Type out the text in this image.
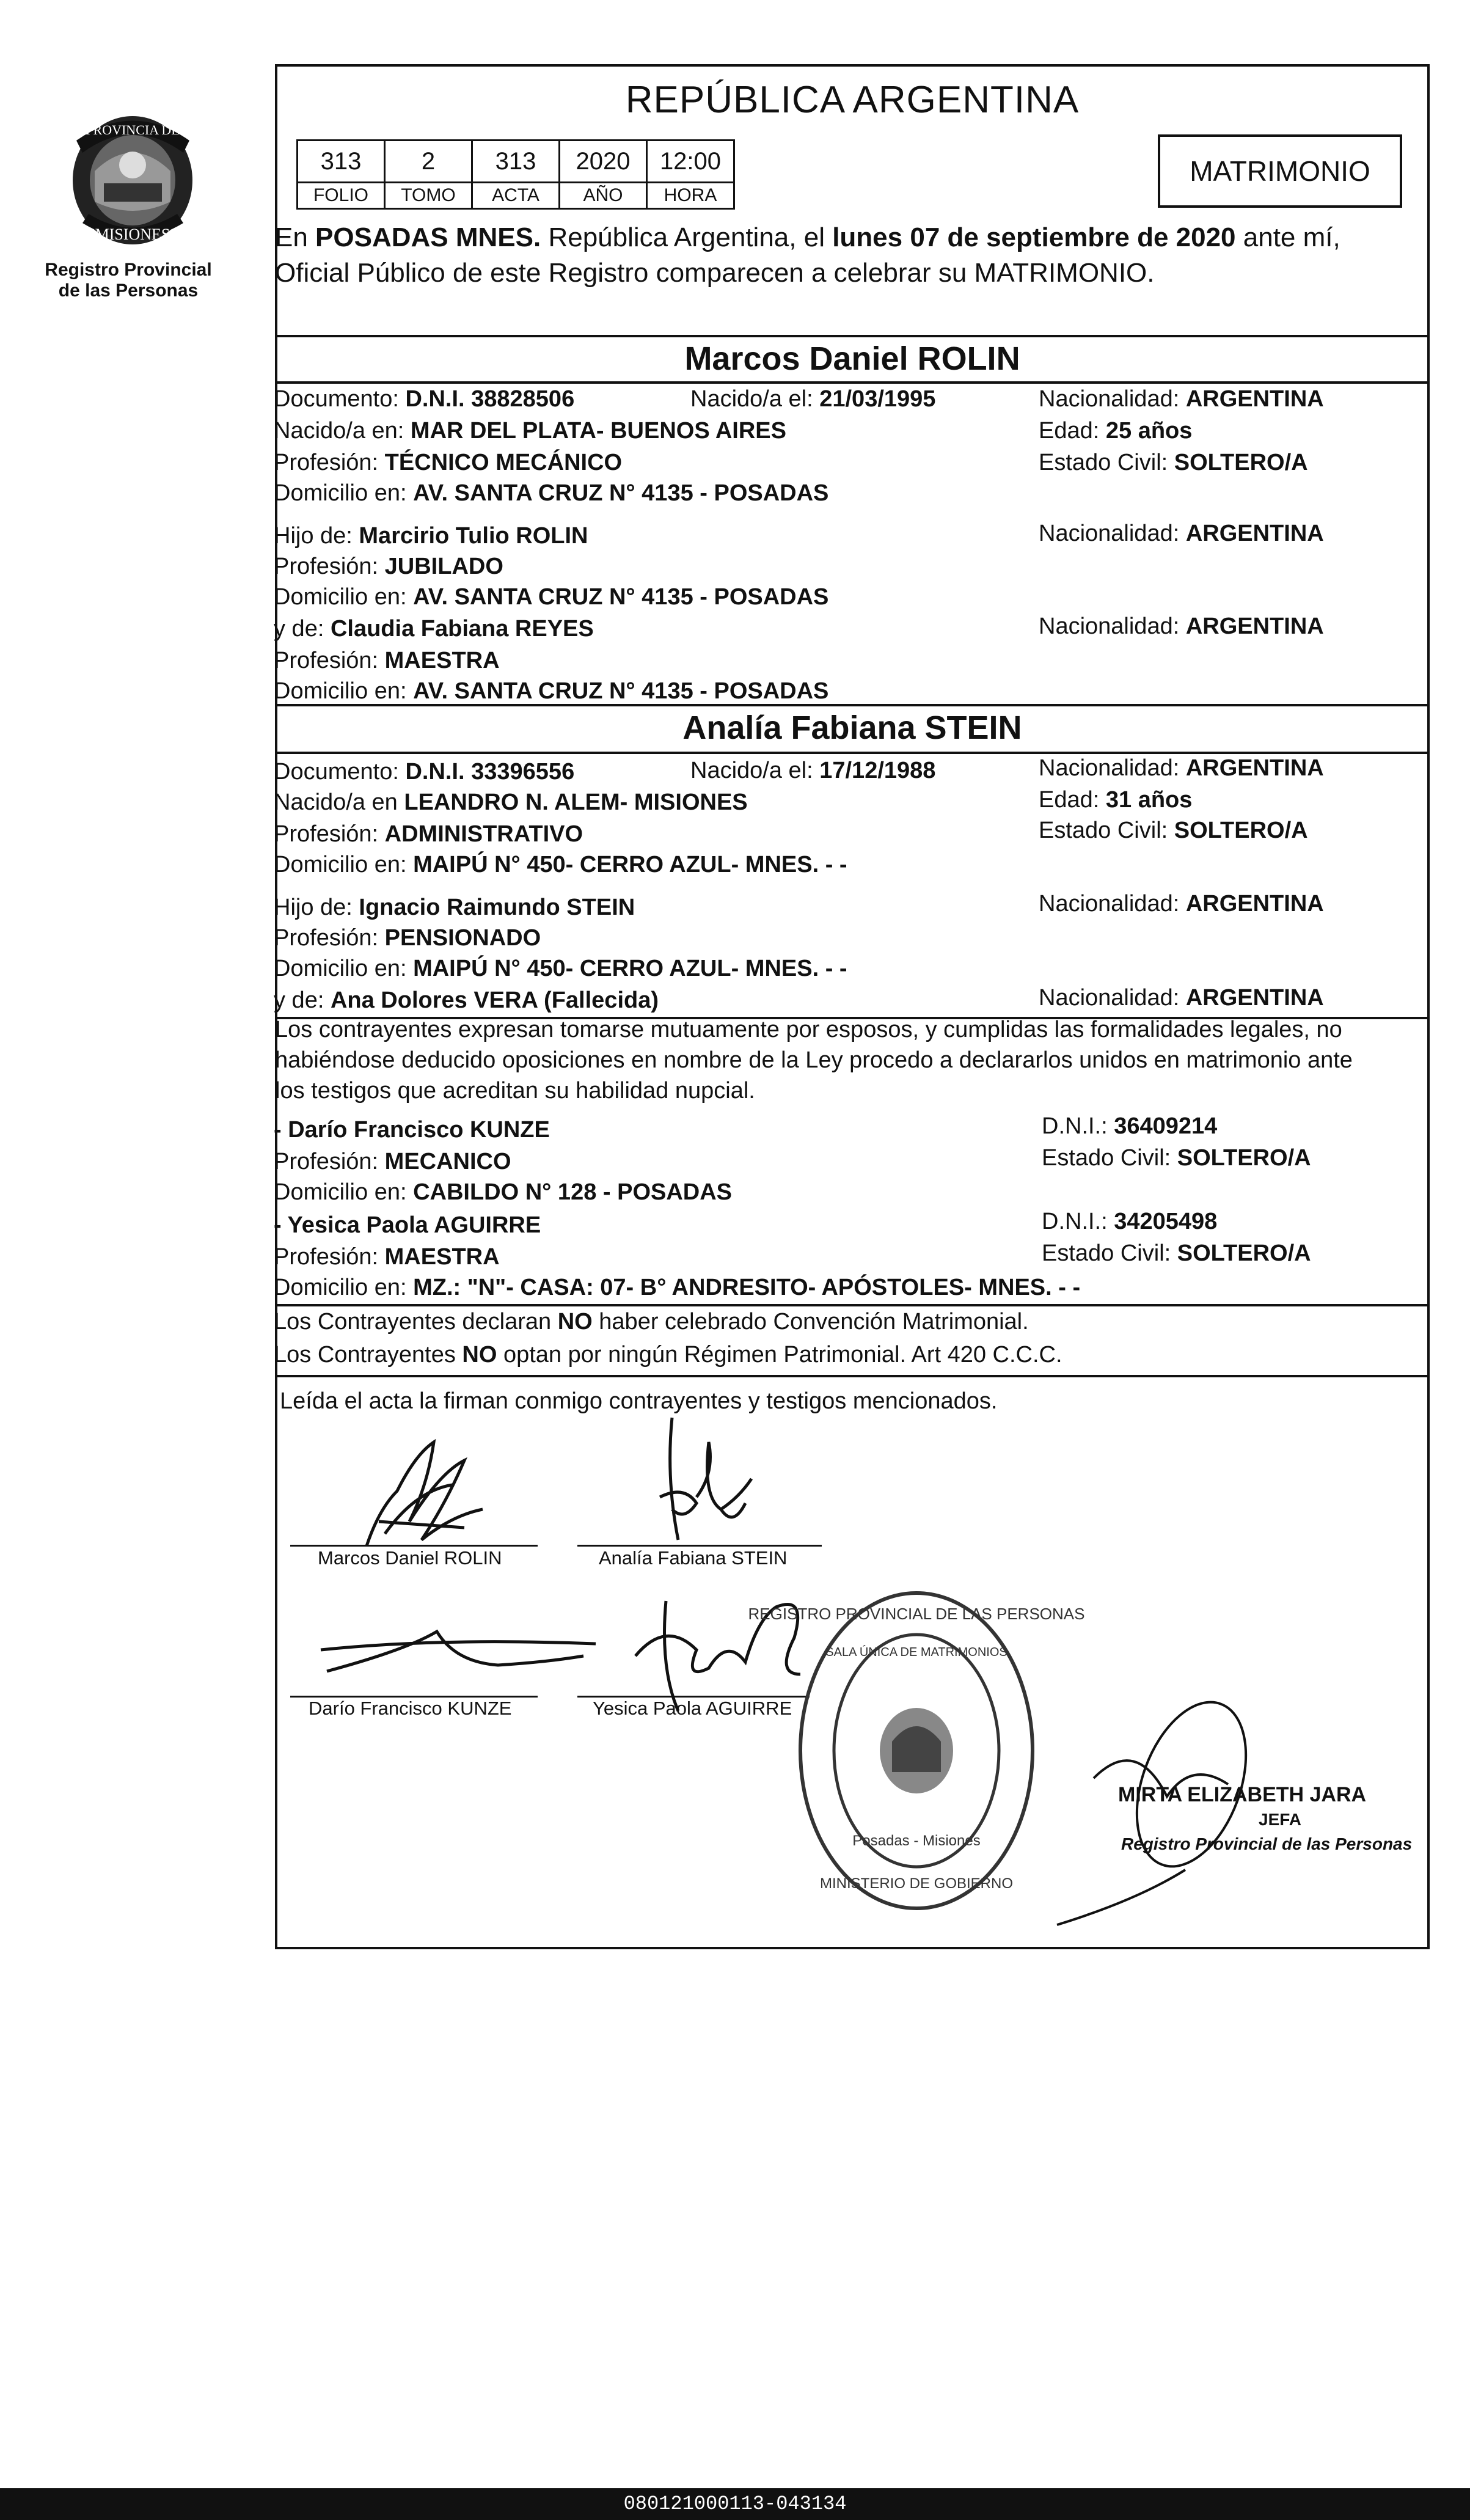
PROVINCIA DE
MISIONES
Registro Provincial
de las Personas
REPÚBLICA ARGENTINA
313	2	313	2020	12:00
FOLIO	TOMO	ACTA	AÑO	HORA
MATRIMONIO
En POSADAS MNES. República Argentina, el lunes 07 de septiembre de 2020 ante mí,
Oficial Público de este Registro comparecen a celebrar su MATRIMONIO.
Marcos Daniel ROLIN
Documento: D.N.I. 38828506	Nacido/a el: 21/03/1995	Nacionalidad: ARGENTINA
Nacido/a en: MAR DEL PLATA- BUENOS AIRES	Edad: 25 años
Profesión: TÉCNICO MECÁNICO	Estado Civil: SOLTERO/A
Domicilio en: AV. SANTA CRUZ N° 4135 - POSADAS
Hijo de: Marcirio Tulio ROLIN	Nacionalidad: ARGENTINA
Profesión: JUBILADO
Domicilio en: AV. SANTA CRUZ N° 4135 - POSADAS
y de: Claudia Fabiana REYES	Nacionalidad: ARGENTINA
Profesión: MAESTRA
Domicilio en: AV. SANTA CRUZ N° 4135 - POSADAS
Analía Fabiana STEIN
Documento: D.N.I. 33396556	Nacido/a el: 17/12/1988	Nacionalidad: ARGENTINA
Nacido/a en LEANDRO N. ALEM- MISIONES	Edad: 31 años
Profesión: ADMINISTRATIVO	Estado Civil: SOLTERO/A
Domicilio en: MAIPÚ N° 450- CERRO AZUL- MNES. - -
Hijo de: Ignacio Raimundo STEIN	Nacionalidad: ARGENTINA
Profesión: PENSIONADO
Domicilio en: MAIPÚ N° 450- CERRO AZUL- MNES. - -
y de: Ana Dolores VERA (Fallecida)	Nacionalidad: ARGENTINA
Los contrayentes expresan tomarse mutuamente por esposos, y cumplidas las formalidades legales, no
habiéndose deducido oposiciones en nombre de la Ley procedo a declararlos unidos en matrimonio ante
los testigos que acreditan su habilidad nupcial.
- Darío Francisco KUNZE	D.N.I.: 36409214
Profesión: MECANICO	Estado Civil: SOLTERO/A
Domicilio en: CABILDO N° 128 - POSADAS
- Yesica Paola AGUIRRE	D.N.I.: 34205498
Profesión: MAESTRA	Estado Civil: SOLTERO/A
Domicilio en: MZ.: "N"- CASA: 07- B° ANDRESITO- APÓSTOLES- MNES. - -
Los Contrayentes declaran NO haber celebrado Convención Matrimonial.
Los Contrayentes NO optan por ningún Régimen Patrimonial. Art 420 C.C.C.
Leída el acta la firman conmigo contrayentes y testigos mencionados.
Marcos Daniel ROLIN	Analía Fabiana STEIN
Darío Francisco KUNZE	Yesica Paola AGUIRRE
REGISTRO PROVINCIAL DE LAS PERSONAS
SALA ÚNICA DE MATRIMONIOS
Posadas - Misiones
MINISTERIO DE GOBIERNO
MIRTA ELIZABETH JARA
JEFA
Registro Provincial de las Personas
080121000113-043134
